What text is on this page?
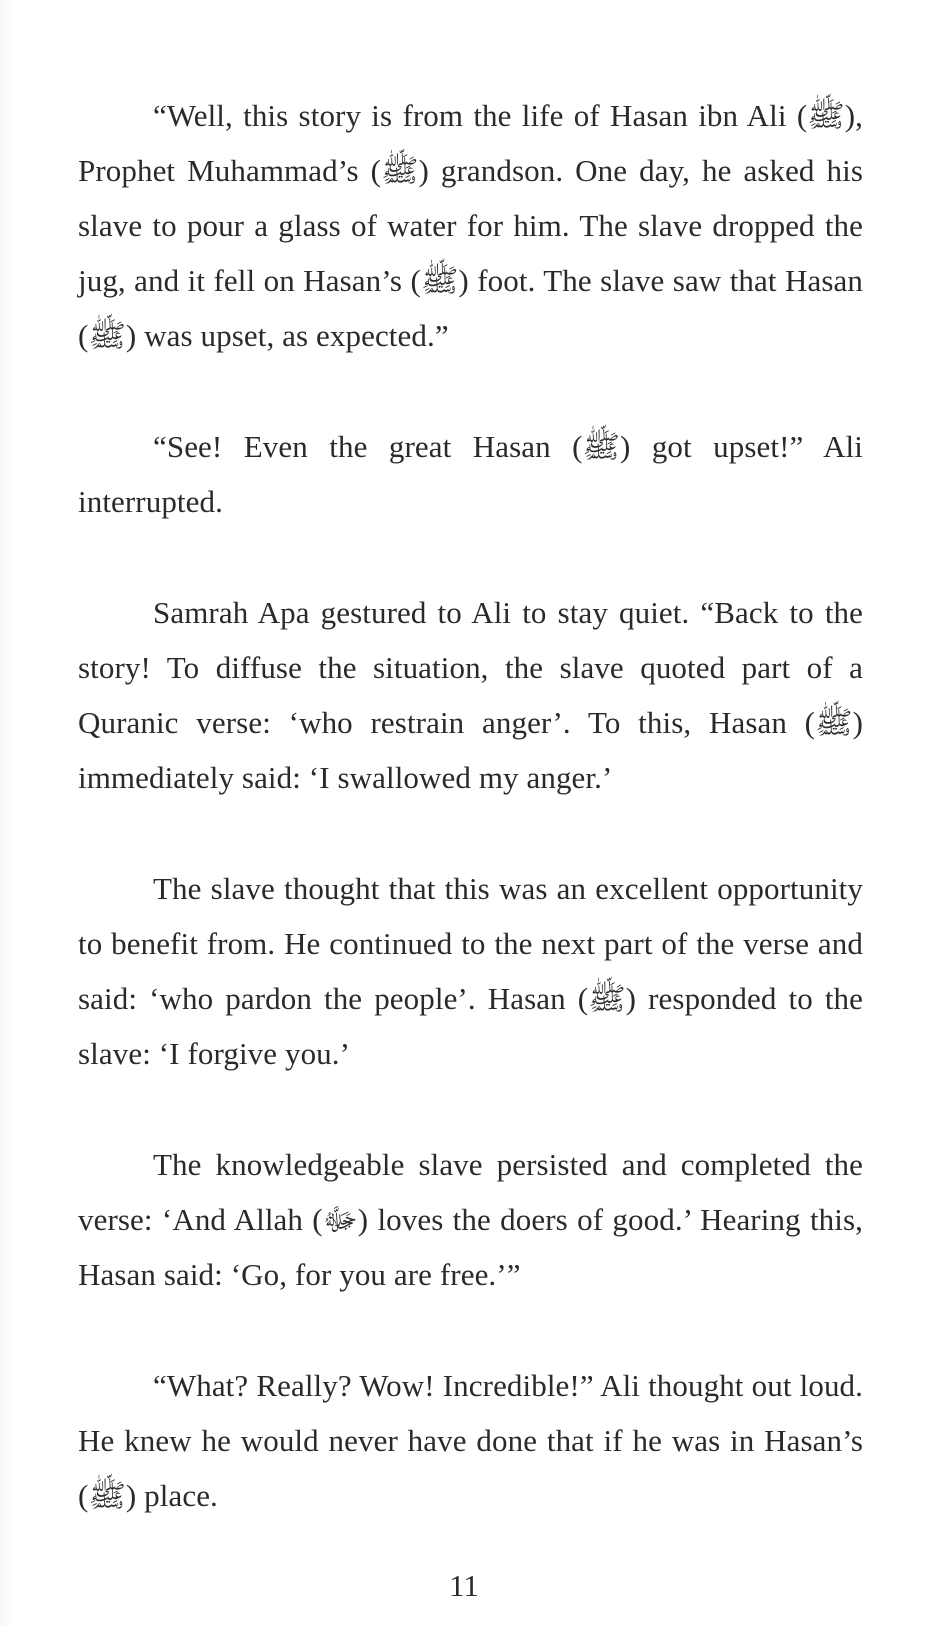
“Well, this story is from the life of Hasan ibn Ali (ﷺ), Prophet Muhammad’s (ﷺ) grandson. One day, he asked his slave to pour a glass of water for him. The slave dropped the jug, and it fell on Hasan’s (ﷺ) foot. The slave saw that Hasan (ﷺ) was upset, as expected.”

“See! Even the great Hasan (ﷺ) got upset!” Ali interrupted.

Samrah Apa gestured to Ali to stay quiet. “Back to the story! To diffuse the situation, the slave quoted part of a Quranic verse: ‘who restrain anger’. To this, Hasan (ﷺ) immediately said: ‘I swallowed my anger.’

The slave thought that this was an excellent opportunity to benefit from. He continued to the next part of the verse and said: ‘who pardon the people’. Hasan (ﷺ) responded to the slave: ‘I forgive you.’

The knowledgeable slave persisted and completed the verse: ‘And Allah (ﷻ) loves the doers of good.’ Hearing this, Hasan said: ‘Go, for you are free.’”

“What? Really? Wow! Incredible!” Ali thought out loud. He knew he would never have done that if he was in Hasan’s (ﷺ) place.

11
